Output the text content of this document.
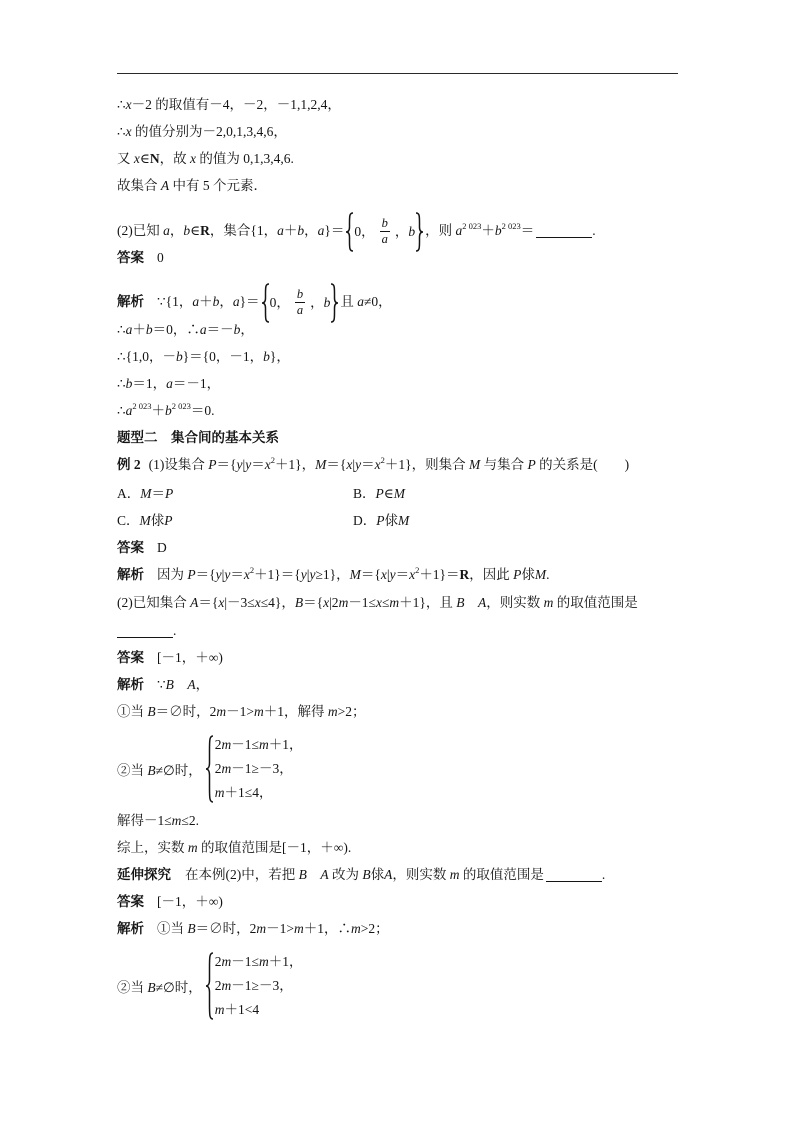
∴x－2 的取值有－4，－2，－1,1,2,4，
∴x 的值分别为－2,0,1,3,4,6，
又 x∈N，故 x 的值为 0,1,3,4,6.
故集合 A 中有 5 个元素．
(2)已知 a，b∈R，集合{1，a＋b，a}＝ 0， $\frac{b}{a}$ ，b ，则 $a^{2 023}+b^{2 023}=$	.
答案 0
解析 ∵{1，a＋b，a}＝ 0， $\frac{b}{a}$ ，b 且 a≠0，
∴a＋b＝0，∴a＝－b，
∴{1,0，－b}＝{0，－1，b}，
∴b＝1，a＝－1，
$\therefore a^{2 023}+b^{2 023}=0$.
题型二　集合间的基本关系
例 2 (1)设集合 $P=\{y|y=x^2+1\}$，$M=\{x|y=x^2+1\}$，则集合 M 与集合 P 的关系是(　　)
A．M＝P	B．P∈M
C．M俅P	D．P俅M
答案 D
解析 因为 $P=\{y|y=x^2+1\}=\{y|y\ge 1\}$，$M=\{x|y=x^2+1\}=R$，因此 P俅M.
(2)已知集合 A＝{x|－3≤x≤4}，B＝{x|2m－1≤x≤m＋1}，且 B　 A，则实数 m 的取值范围是
.
答案 [－1，＋∞)
解析 ∵B　 A，
①当 B＝∅时，2m－1>m＋1，解得 m>2；
②当 B≠∅时，
2m－1≤m＋1，
2m－1≥－3，
m＋1≤4，
解得－1≤m≤2.
综上，实数 m 的取值范围是[－1，＋∞).
延伸探究 在本例(2)中，若把 B　 A 改为 B俅A，则实数 m 的取值范围是	.
答案 [－1，＋∞)
解析 ①当 B＝∅时，2m－1>m＋1，∴m>2；
②当 B≠∅时，
2m－1≤m＋1，
2m－1≥－3，
m＋1<4
